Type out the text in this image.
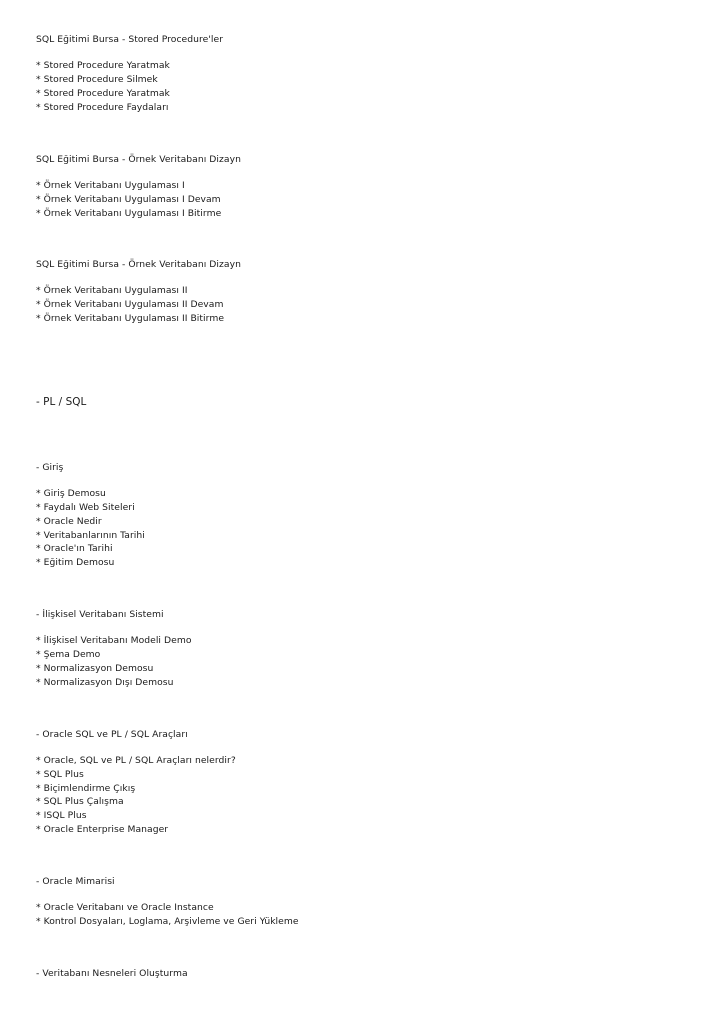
SQL Eğitimi Bursa - Stored Procedure'ler
* Stored Procedure Yaratmak
* Stored Procedure Silmek
* Stored Procedure Yaratmak
* Stored Procedure Faydaları
SQL Eğitimi Bursa - Örnek Veritabanı Dizayn
* Örnek Veritabanı Uygulaması I
* Örnek Veritabanı Uygulaması I Devam
* Örnek Veritabanı Uygulaması I Bitirme
SQL Eğitimi Bursa - Örnek Veritabanı Dizayn
* Örnek Veritabanı Uygulaması II
* Örnek Veritabanı Uygulaması II Devam
* Örnek Veritabanı Uygulaması II Bitirme
- PL / SQL
- Giriş
* Giriş Demosu
* Faydalı Web Siteleri
* Oracle Nedir
* Veritabanlarının Tarihi
* Oracle'ın Tarihi
* Eğitim Demosu
- İlişkisel Veritabanı Sistemi
* İlişkisel Veritabanı Modeli Demo
* Şema Demo
* Normalizasyon Demosu
* Normalizasyon Dışı Demosu
- Oracle SQL ve PL / SQL Araçları
* Oracle, SQL ve PL / SQL Araçları nelerdir?
* SQL Plus
* Biçimlendirme Çıkış
* SQL Plus Çalışma
* ISQL Plus
* Oracle Enterprise Manager
- Oracle Mimarisi
* Oracle Veritabanı ve Oracle Instance
* Kontrol Dosyaları, Loglama, Arşivleme ve Geri Yükleme
- Veritabanı Nesneleri Oluşturma
